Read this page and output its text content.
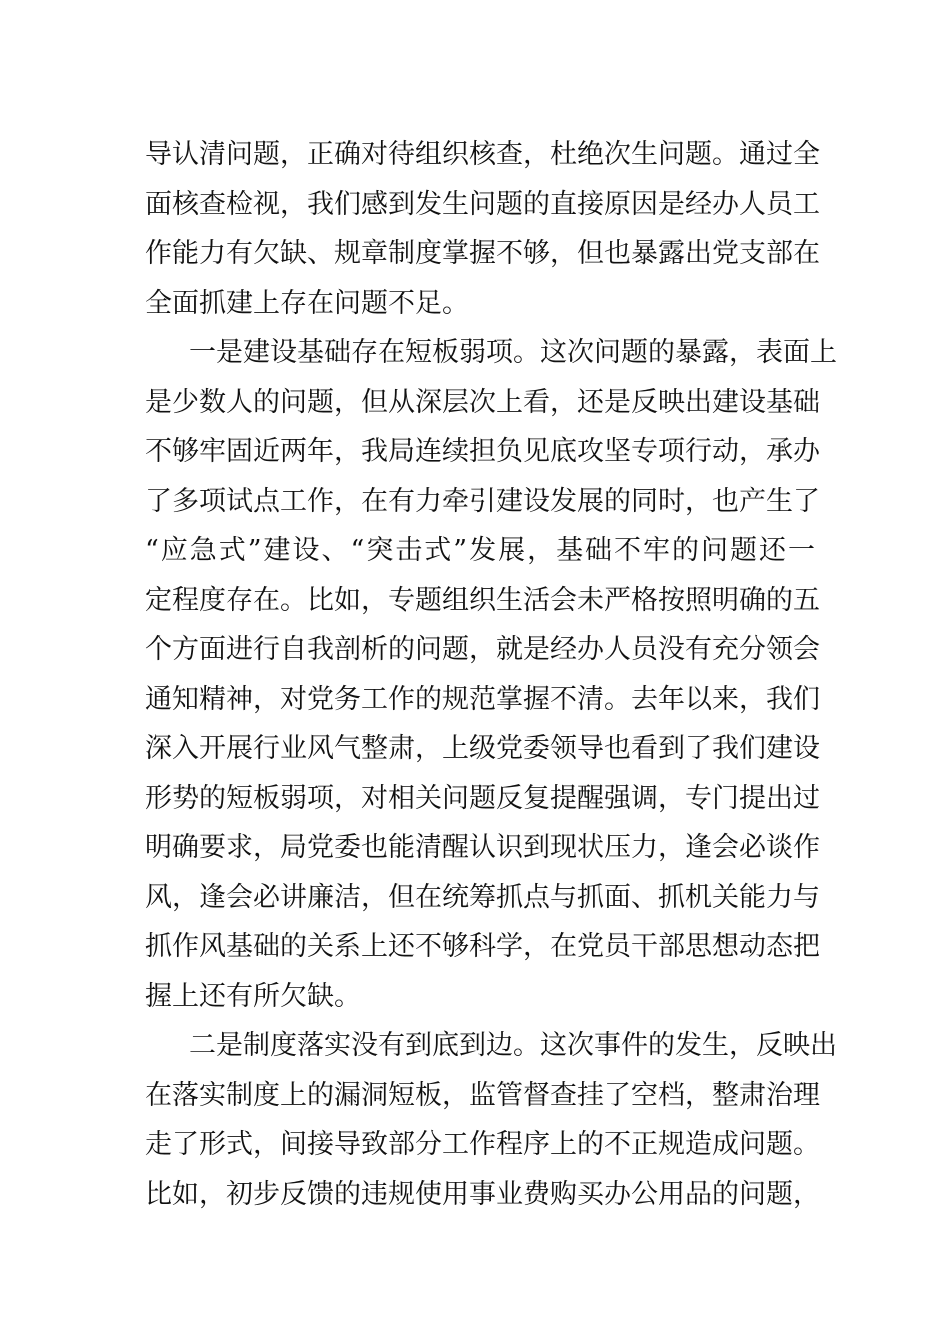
导认清问题，正确对待组织核查，杜绝次生问题。通过全

面核查检视，我们感到发生问题的直接原因是经办人员工

作能力有欠缺、规章制度掌握不够，但也暴露出党支部在

全面抓建上存在问题不足。

一是建设基础存在短板弱项。这次问题的暴露，表面上

是少数人的问题，但从深层次上看，还是反映出建设基础

不够牢固近两年，我局连续担负见底攻坚专项行动，承办

了多项试点工作，在有力牵引建设发展的同时，也产生了

“应急式”建设、“突击式”发展，基础不牢的问题还一

定程度存在。比如，专题组织生活会未严格按照明确的五

个方面进行自我剖析的问题，就是经办人员没有充分领会

通知精神，对党务工作的规范掌握不清。去年以来，我们

深入开展行业风气整肃，上级党委领导也看到了我们建设

形势的短板弱项，对相关问题反复提醒强调，专门提出过

明确要求，局党委也能清醒认识到现状压力，逢会必谈作

风，逢会必讲廉洁，但在统筹抓点与抓面、抓机关能力与

抓作风基础的关系上还不够科学，在党员干部思想动态把

握上还有所欠缺。

二是制度落实没有到底到边。这次事件的发生，反映出

在落实制度上的漏洞短板，监管督查挂了空档，整肃治理

走了形式，间接导致部分工作程序上的不正规造成问题。

比如，初步反馈的违规使用事业费购买办公用品的问题，
